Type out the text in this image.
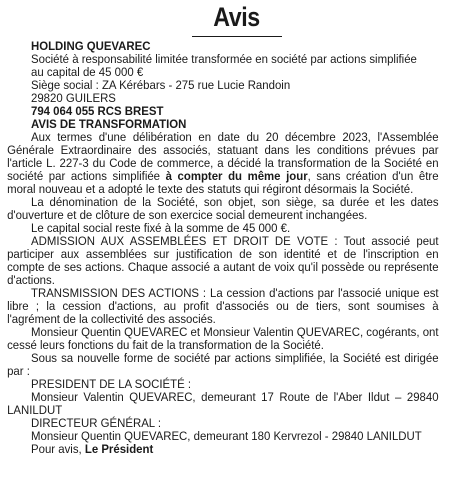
Avis
HOLDING QUEVAREC
Société à responsabilité limitée transformée en société par actions simplifiée
au capital de 45 000 €
Siège social : ZA Kérébars - 275 rue Lucie Randoin
29820 GUILERS
794 064 055 RCS BREST
AVIS DE TRANSFORMATION
Aux termes d'une délibération en date du 20 décembre 2023, l'Assemblée Générale Extraordinaire des associés, statuant dans les conditions prévues par l'article L. 227-3 du Code de commerce, a décidé la transformation de la Société en société par actions simplifiée à compter du même jour, sans création d'un être moral nouveau et a adopté le texte des statuts qui régiront désormais la Société.
La dénomination de la Société, son objet, son siège, sa durée et les dates d'ouverture et de clôture de son exercice social demeurent inchangées.
Le capital social reste fixé à la somme de 45 000 €.
ADMISSION AUX ASSEMBLÉES ET DROIT DE VOTE : Tout associé peut participer aux assemblées sur justification de son identité et de l'inscription en compte de ses actions. Chaque associé a autant de voix qu'il possède ou représente d'actions.
TRANSMISSION DES ACTIONS : La cession d'actions par l'associé unique est libre ; la cession d'actions, au profit d'associés ou de tiers, sont soumises à l'agrément de la collectivité des associés.
Monsieur Quentin QUEVAREC et Monsieur Valentin QUEVAREC, cogérants, ont cessé leurs fonctions du fait de la transformation de la Société.
Sous sa nouvelle forme de société par actions simplifiée, la Société est dirigée par :
PRESIDENT DE LA SOCIÉTÉ :
Monsieur Valentin QUEVAREC, demeurant 17 Route de l'Aber Ildut – 29840 LANILDUT
DIRECTEUR GÉNÉRAL :
Monsieur Quentin QUEVAREC, demeurant 180 Kervrezol - 29840 LANILDUT
Pour avis, Le Président
